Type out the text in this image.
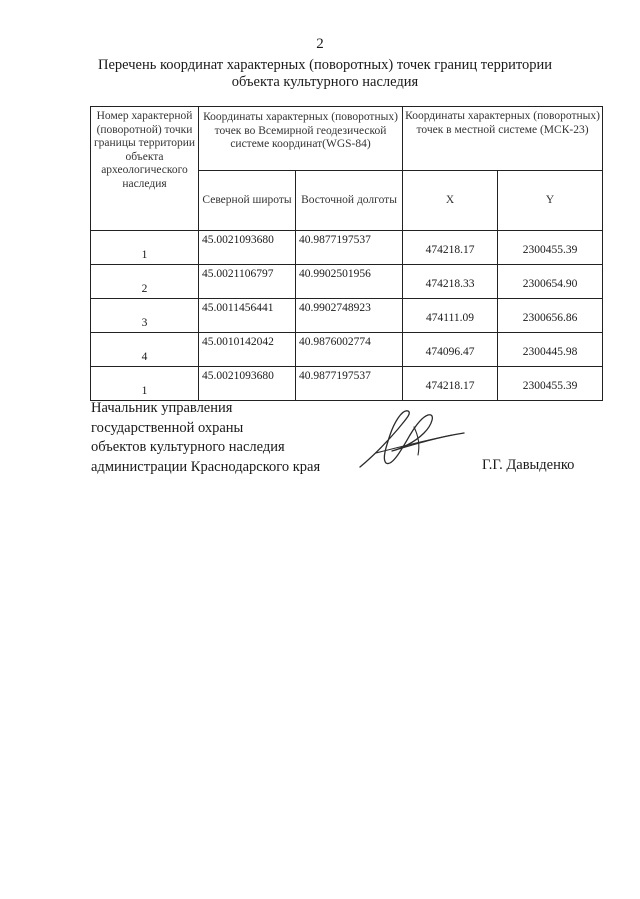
2
Перечень координат характерных (поворотных) точек границ территории
объекта культурного наследия
Номер характерной (поворотной) точки границы территории объекта археологического наследия	Координаты характерных (поворотных) точек во Всемирной геодезической системе координат(WGS-84)		Координаты характерных (поворотных) точек в местной системе (МСК-23)	
	Северной широты	Восточной долготы	X	Y
1	45.0021093680	40.9877197537	474218.17	2300455.39
2	45.0021106797	40.9902501956	474218.33	2300654.90
3	45.0011456441	40.9902748923	474111.09	2300656.86
4	45.0010142042	40.9876002774	474096.47	2300445.98
1	45.0021093680	40.9877197537	474218.17	2300455.39
Начальник управления
государственной охраны
объектов культурного наследия
администрации Краснодарского края	Г.Г. Давыденко
